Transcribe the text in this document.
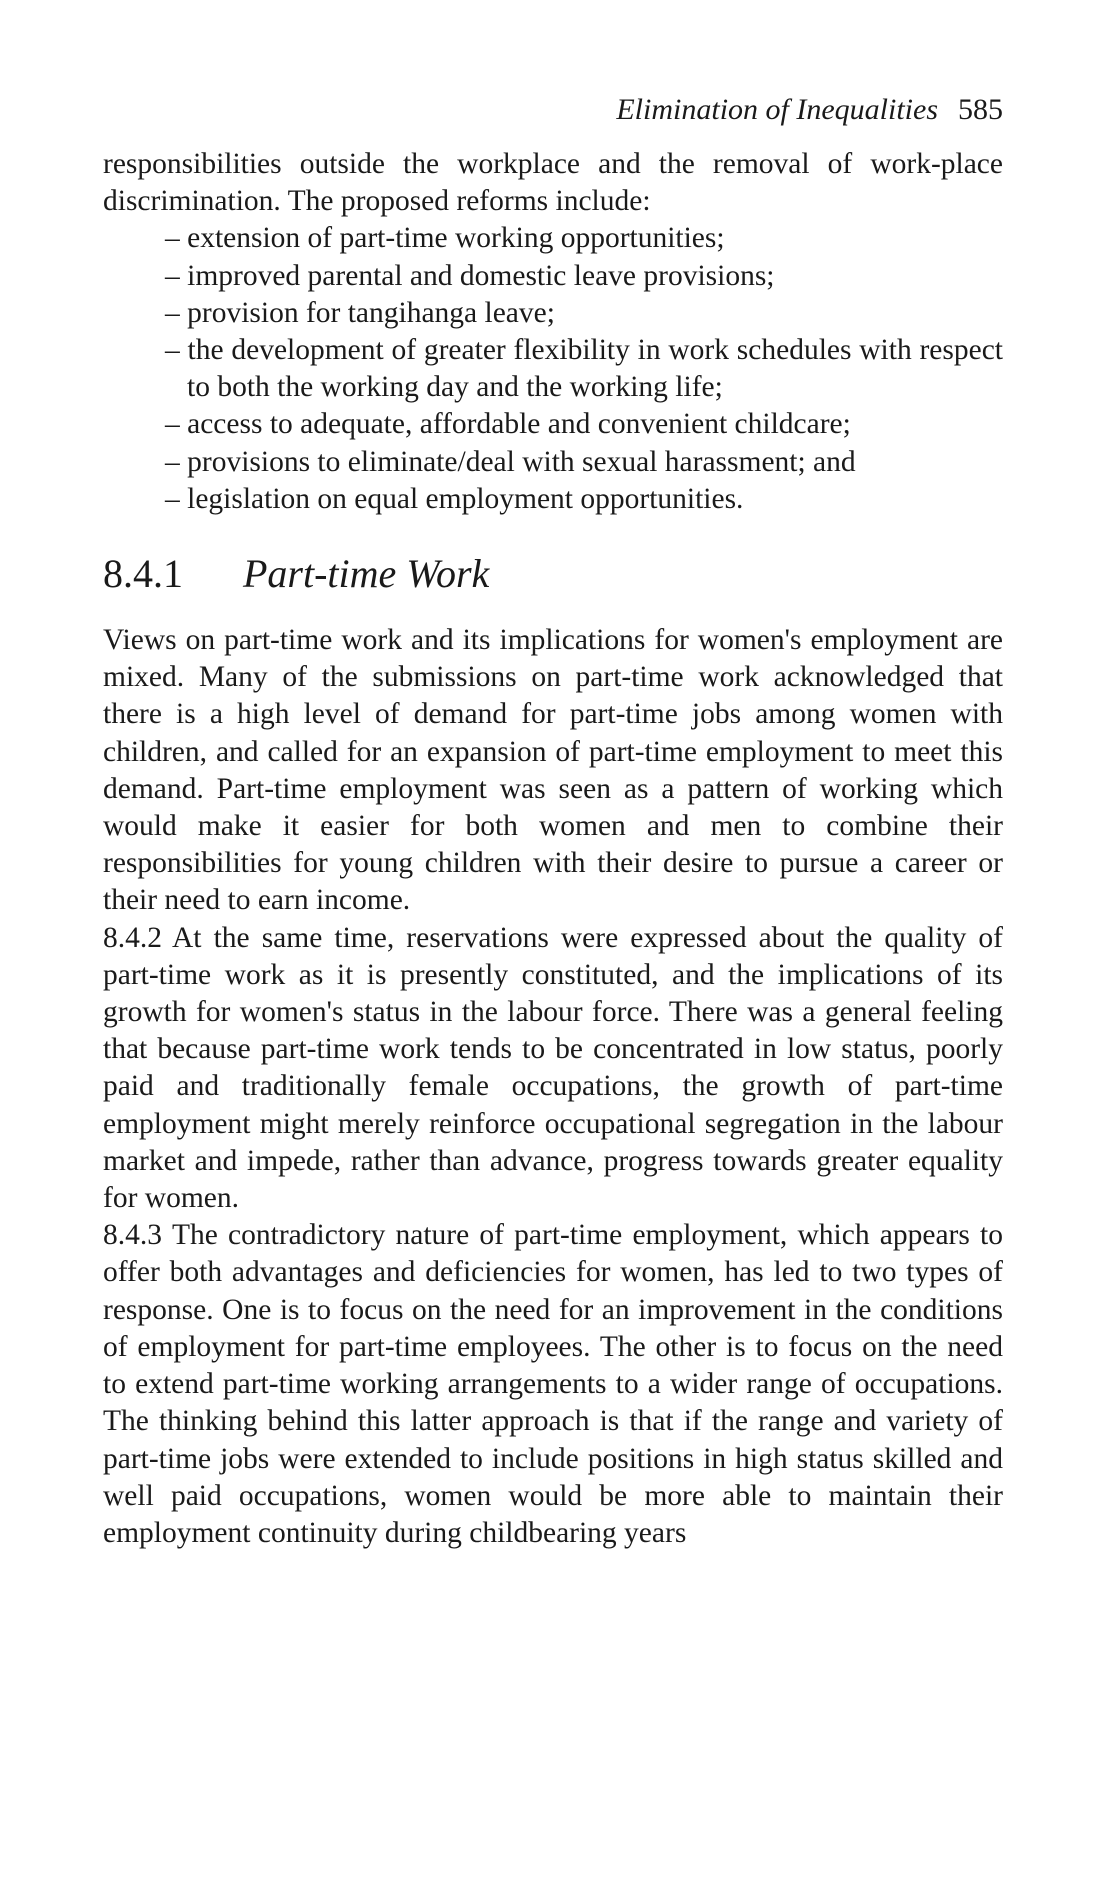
Elimination of Inequalities 585

responsibilities outside the workplace and the removal of work-place discrimination. The proposed reforms include:

– extension of part-time working opportunities;
– improved parental and domestic leave provisions;
– provision for tangihanga leave;
– the development of greater flexibility in work schedules with respect to both the working day and the working life;
– access to adequate, affordable and convenient childcare;
– provisions to eliminate/deal with sexual harassment; and
– legislation on equal employment opportunities.
8.4.1 Part-time Work

Views on part-time work and its implications for women's employment are mixed. Many of the submissions on part-time work acknowledged that there is a high level of demand for part-time jobs among women with children, and called for an expansion of part-time employment to meet this demand. Part-time employment was seen as a pattern of working which would make it easier for both women and men to combine their responsibilities for young children with their desire to pursue a career or their need to earn income.

8.4.2 At the same time, reservations were expressed about the quality of part-time work as it is presently constituted, and the implications of its growth for women's status in the labour force. There was a general feeling that because part-time work tends to be concentrated in low status, poorly paid and traditionally female occupations, the growth of part-time employment might merely reinforce occupational segregation in the labour market and impede, rather than advance, progress towards greater equality for women.

8.4.3 The contradictory nature of part-time employment, which appears to offer both advantages and deficiencies for women, has led to two types of response. One is to focus on the need for an improvement in the conditions of employment for part-time employees. The other is to focus on the need to extend part-time working arrangements to a wider range of occupations. The thinking behind this latter approach is that if the range and variety of part-time jobs were extended to include positions in high status skilled and well paid occupations, women would be more able to maintain their employment continuity during childbearing years
